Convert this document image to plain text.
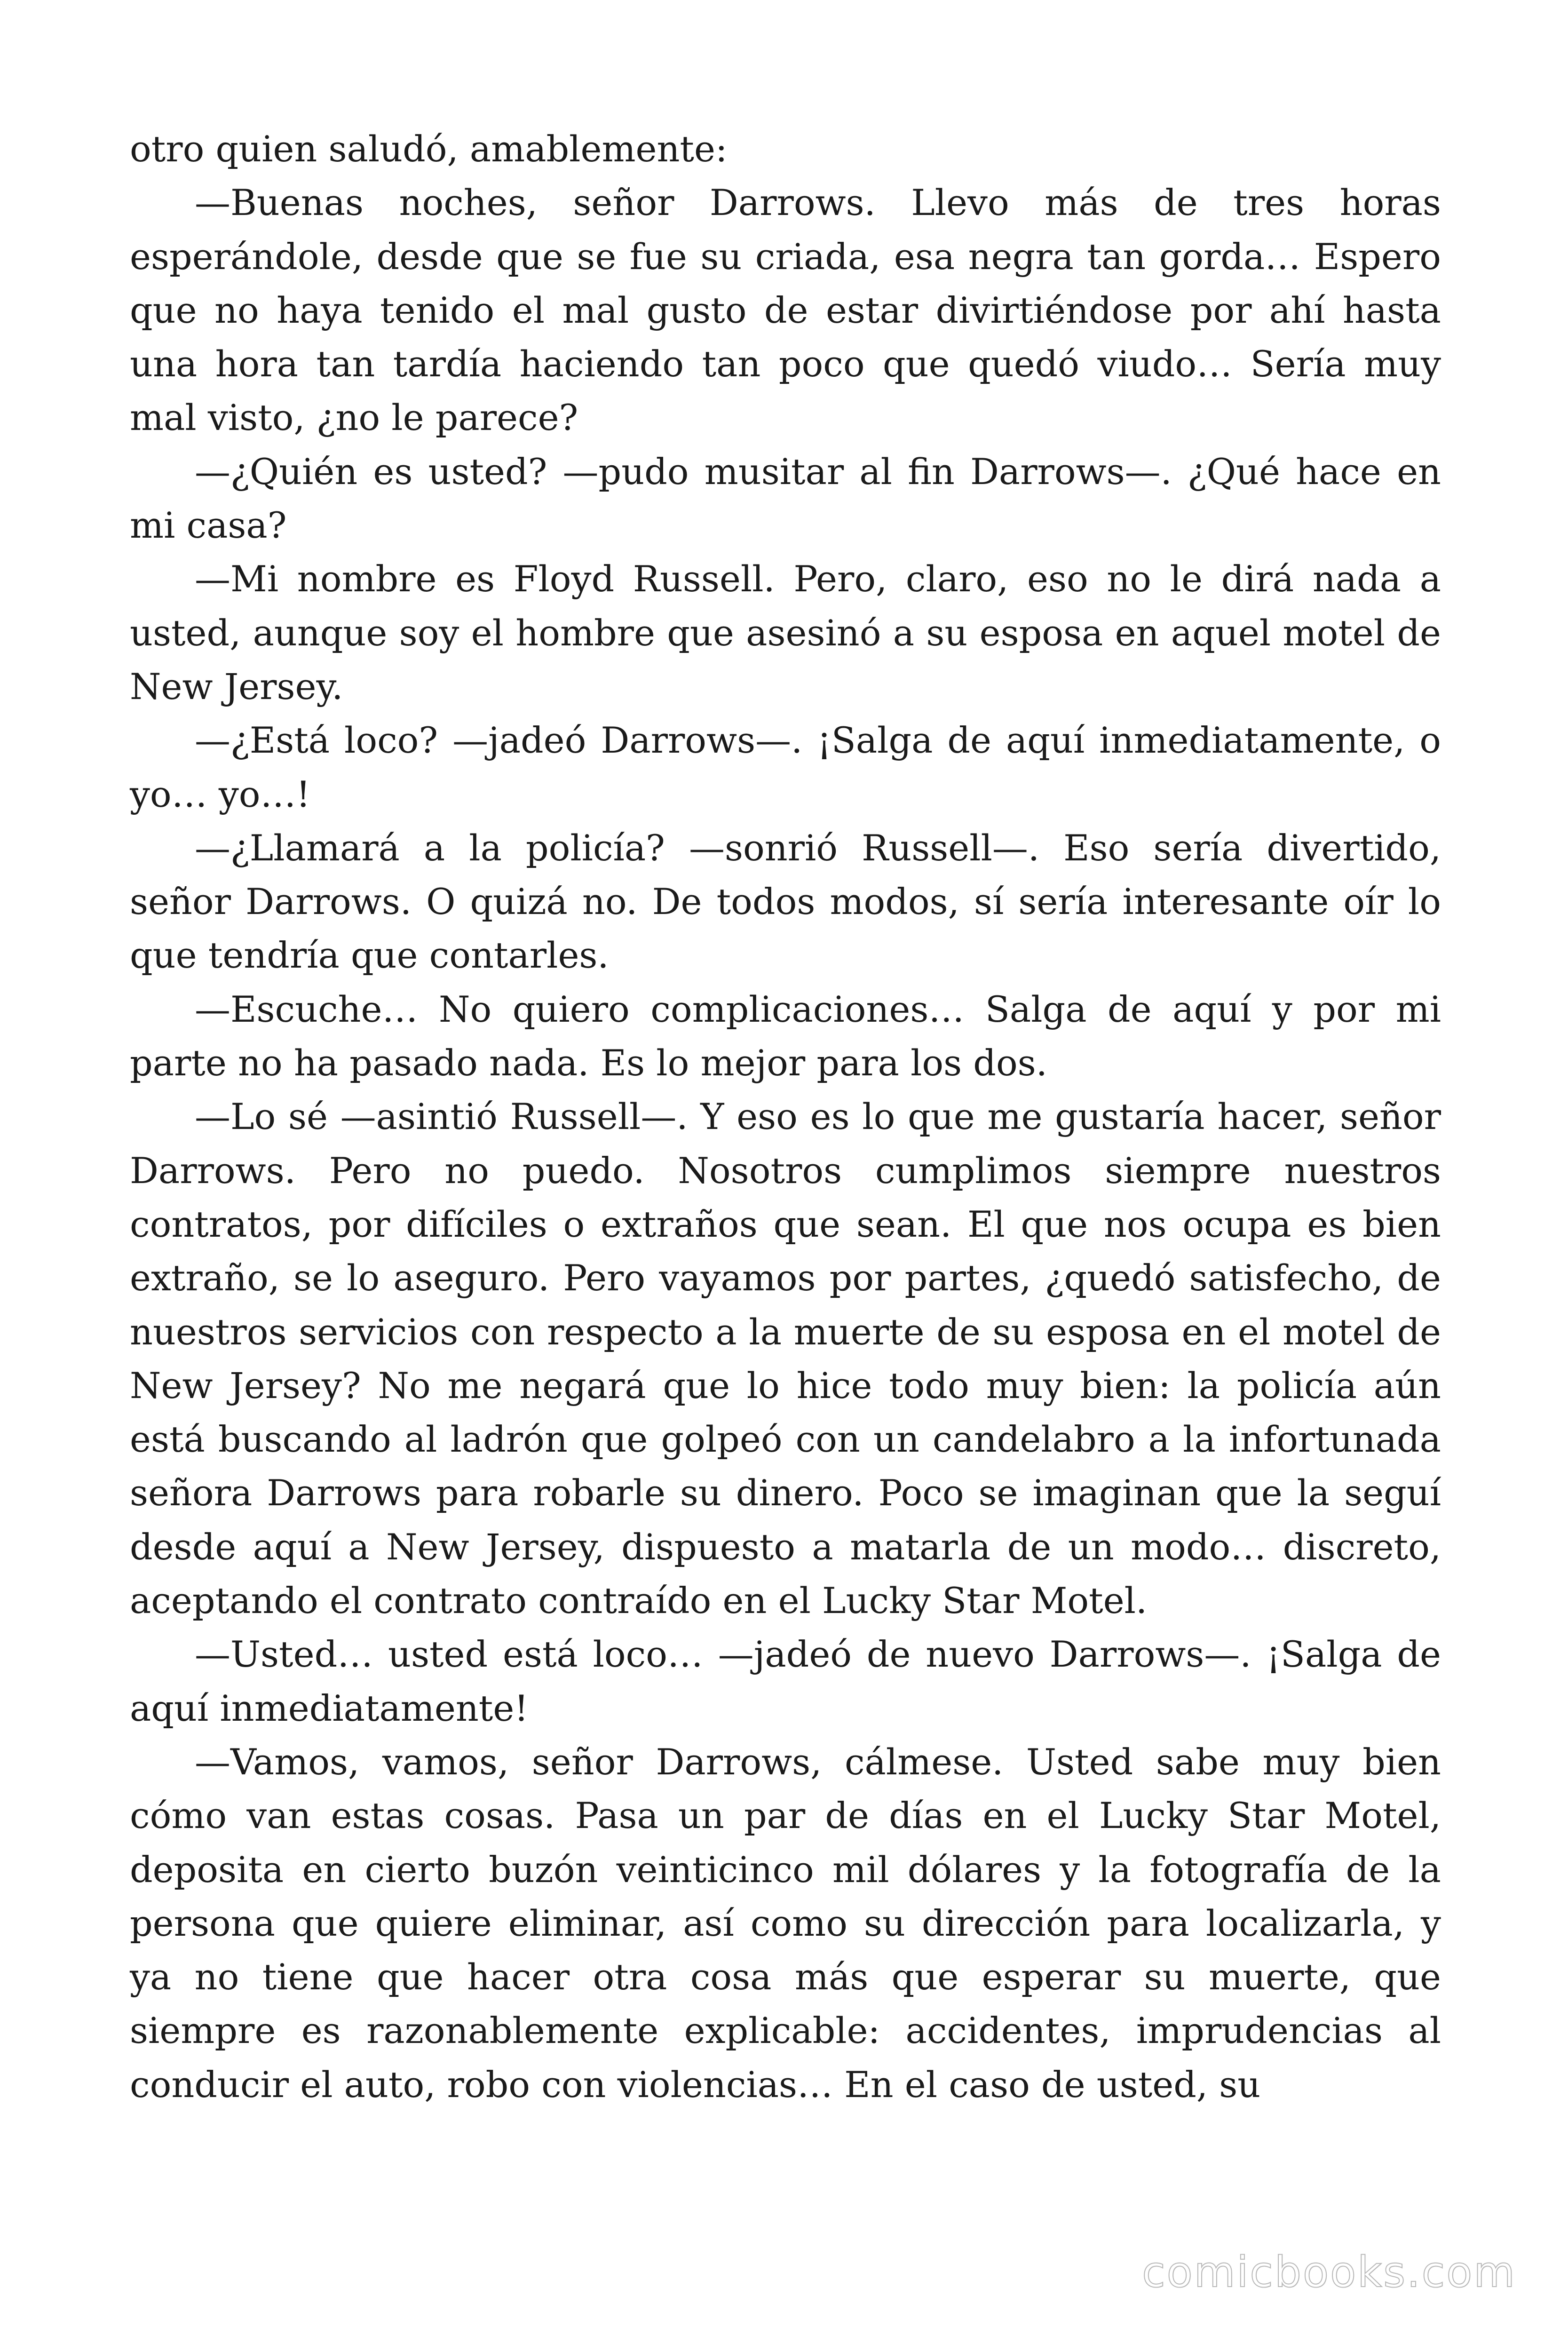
otro quien saludó, amablemente:

—Buenas noches, señor Darrows. Llevo más de tres horas esperándole, desde que se fue su criada, esa negra tan gorda… Espero que no haya tenido el mal gusto de estar divirtiéndose por ahí hasta una hora tan tardía haciendo tan poco que quedó viudo… Sería muy mal visto, ¿no le parece?

—¿Quién es usted? —pudo musitar al fin Darrows—. ¿Qué hace en mi casa?

—Mi nombre es Floyd Russell. Pero, claro, eso no le dirá nada a usted, aunque soy el hombre que asesinó a su esposa en aquel motel de New Jersey.

—¿Está loco? —jadeó Darrows—. ¡Salga de aquí inmediatamente, o yo… yo…!

—¿Llamará a la policía? —sonrió Russell—. Eso sería divertido, señor Darrows. O quizá no. De todos modos, sí sería interesante oír lo que tendría que contarles.

—Escuche… No quiero complicaciones… Salga de aquí y por mi parte no ha pasado nada. Es lo mejor para los dos.

—Lo sé —asintió Russell—. Y eso es lo que me gustaría hacer, señor Darrows. Pero no puedo. Nosotros cumplimos siempre nuestros contratos, por difíciles o extraños que sean. El que nos ocupa es bien extraño, se lo aseguro. Pero vayamos por partes, ¿quedó satisfecho, de nuestros servicios con respecto a la muerte de su esposa en el motel de New Jersey? No me negará que lo hice todo muy bien: la policía aún está buscando al ladrón que golpeó con un candelabro a la infortunada señora Darrows para robarle su dinero. Poco se imaginan que la seguí desde aquí a New Jersey, dispuesto a matarla de un modo… discreto, aceptando el contrato contraído en el Lucky Star Motel.

—Usted… usted está loco… —jadeó de nuevo Darrows—. ¡Salga de aquí inmediatamente!

—Vamos, vamos, señor Darrows, cálmese. Usted sabe muy bien cómo van estas cosas. Pasa un par de días en el Lucky Star Motel, deposita en cierto buzón veinticinco mil dólares y la fotografía de la persona que quiere eliminar, así como su dirección para localizarla, y ya no tiene que hacer otra cosa más que esperar su muerte, que siempre es razonablemente explicable: accidentes, imprudencias al conducir el auto, robo con violencias… En el caso de usted, su

comicbooks.com
